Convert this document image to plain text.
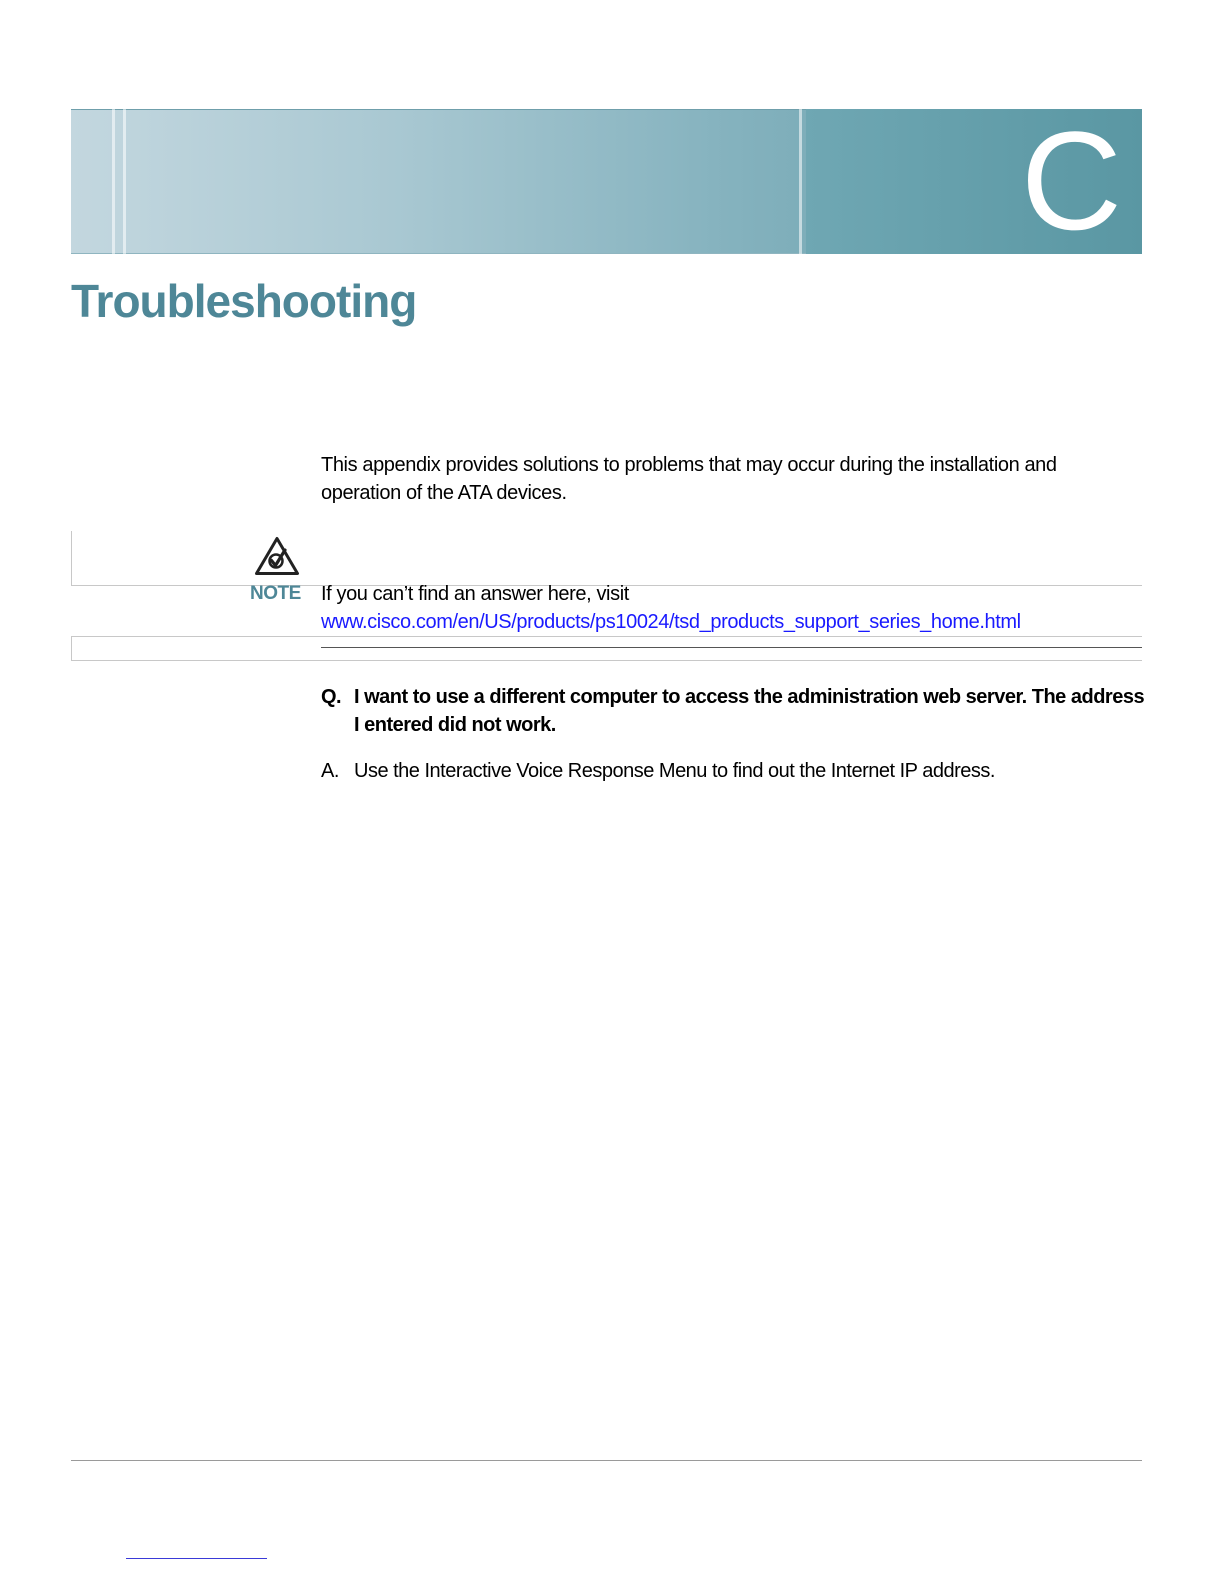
C
Troubleshooting

This appendix provides solutions to problems that may occur during the installation and operation of the ATA devices.

NOTE If you can’t find an answer here, visit www.cisco.com/en/US/products/ps10024/tsd_products_support_series_home.html

Q. I want to use a different computer to access the administration web server. The address I entered did not work.

A. Use the Interactive Voice Response Menu to find out the Internet IP address.
